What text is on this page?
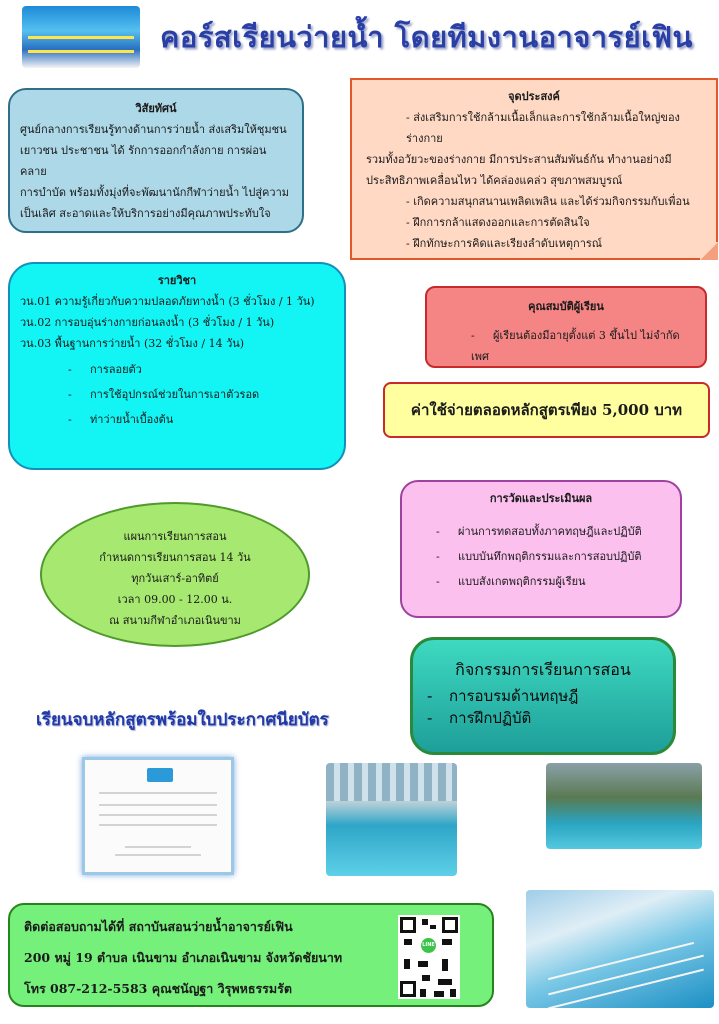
คอร์สเรียนว่ายน้ำ โดยทีมงานอาจารย์เฟิน
วิสัยทัศน์
ศูนย์กลางการเรียนรู้ทางด้านการว่ายน้ำ ส่งเสริมให้ชุมชน
เยาวชน ประชาชน ได้ รักการออกกำลังกาย การผ่อนคลาย
การบำบัด พร้อมทั้งมุ่งที่จะพัฒนานักกีฬาว่ายน้ำ ไปสู่ความ
เป็นเลิศ สะอาดและให้บริการอย่างมีคุณภาพประทับใจ
จุดประสงค์
- ส่งเสริมการใช้กล้ามเนื้อเล็กและการใช้กล้ามเนื้อใหญ่ของร่างกาย
รวมทั้งอวัยวะของร่างกาย มีการประสานสัมพันธ์กัน ทำงานอย่างมี
ประสิทธิภาพเคลื่อนไหว ได้คล่องแคล่ว สุขภาพสมบูรณ์
- เกิดความสนุกสนานเพลิดเพลิน และได้ร่วมกิจกรรมกับเพื่อน
- ฝึกการกล้าแสดงออกและการตัดสินใจ
- ฝึกทักษะการคิดและเรียงลำดับเหตุการณ์
รายวิชา
วน.01 ความรู้เกี่ยวกับความปลอดภัยทางน้ำ (3 ชั่วโมง / 1 วัน)
วน.02 การอบอุ่นร่างกายก่อนลงน้ำ (3 ชั่วโมง / 1 วัน)
วน.03 พื้นฐานการว่ายน้ำ (32 ชั่วโมง / 14 วัน)
- การลอยตัว
- การใช้อุปกรณ์ช่วยในการเอาตัวรอด
- ท่าว่ายน้ำเบื้องต้น
คุณสมบัติผู้เรียน
- ผู้เรียนต้องมีอายุตั้งแต่ 3 ขึ้นไป ไม่จำกัดเพศ
ค่าใช้จ่ายตลอดหลักสูตรเพียง 5,000 บาท
แผนการเรียนการสอน
กำหนดการเรียนการสอน 14 วัน
ทุกวันเสาร์-อาทิตย์
เวลา 09.00 - 12.00 น.
ณ สนามกีฬาอำเภอเนินขาม
การวัดและประเมินผล
- ผ่านการทดสอบทั้งภาคทฤษฎีและปฏิบัติ
- แบบบันทึกพฤติกรรมและการสอบปฏิบัติ
- แบบสังเกตพฤติกรรมผู้เรียน
กิจกรรมการเรียนการสอน
- การอบรมด้านทฤษฎี
- การฝึกปฏิบัติ
เรียนจบหลักสูตรพร้อมใบประกาศนียบัตร
ติดต่อสอบถามได้ที่ สถาบันสอนว่ายน้ำอาจารย์เฟิน
200 หมู่ 19 ตำบล เนินขาม อำเภอเนินขาม จังหวัดชัยนาท
โทร 087-212-5583 คุณชนัญฐา วิรุพหธรรมรัต
LINE
